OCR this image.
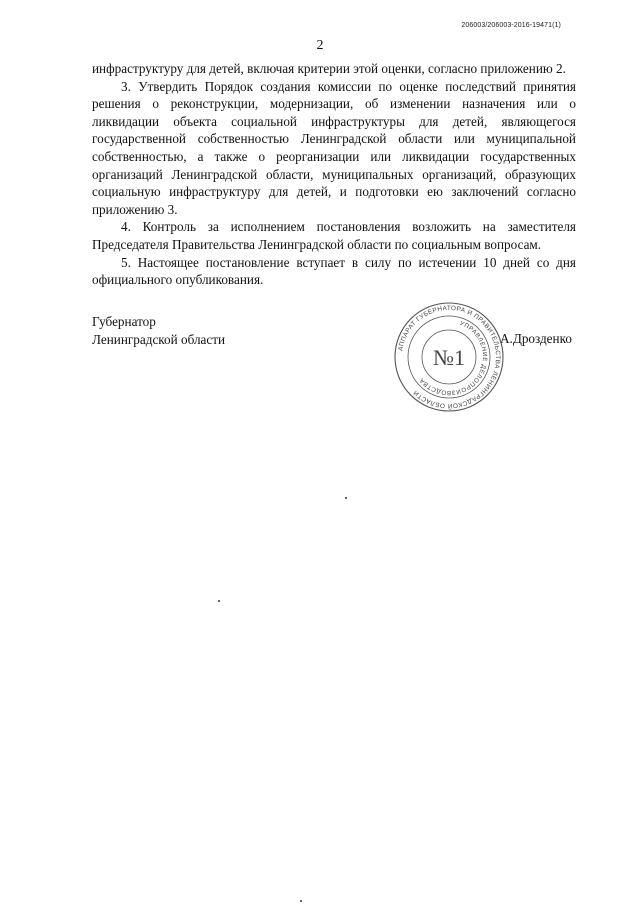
206003/206003-2016-19471(1)
2

инфраструктуру для детей, включая критерии этой оценки, согласно приложению 2.

3. Утвердить Порядок создания комиссии по оценке последствий принятия решения о реконструкции, модернизации, об изменении назначения или о ликвидации объекта социальной инфраструктуры для детей, являющегося государственной собственностью Ленинградской области или муниципальной собственностью, а также о реорганизации или ликвидации государственных организаций Ленинградской области, муниципальных организаций, образующих социальную инфраструктуру для детей, и подготовки ею заключений согласно приложению 3.

4. Контроль за исполнением постановления возложить на заместителя Председателя Правительства Ленинградской области по социальным вопросам.

5. Настоящее постановление вступает в силу по истечении 10 дней со дня официального опубликования.

Губернатор
Ленинградской области	А.Дрозденко
АППАРАТ ГУБЕРНАТОРА И ПРАВИТЕЛЬСТВА ЛЕНИНГРАДСКОЙ ОБЛАСТИ
УПРАВЛЕНИЕ ДЕЛОПРОИЗВОДСТВА
№1
